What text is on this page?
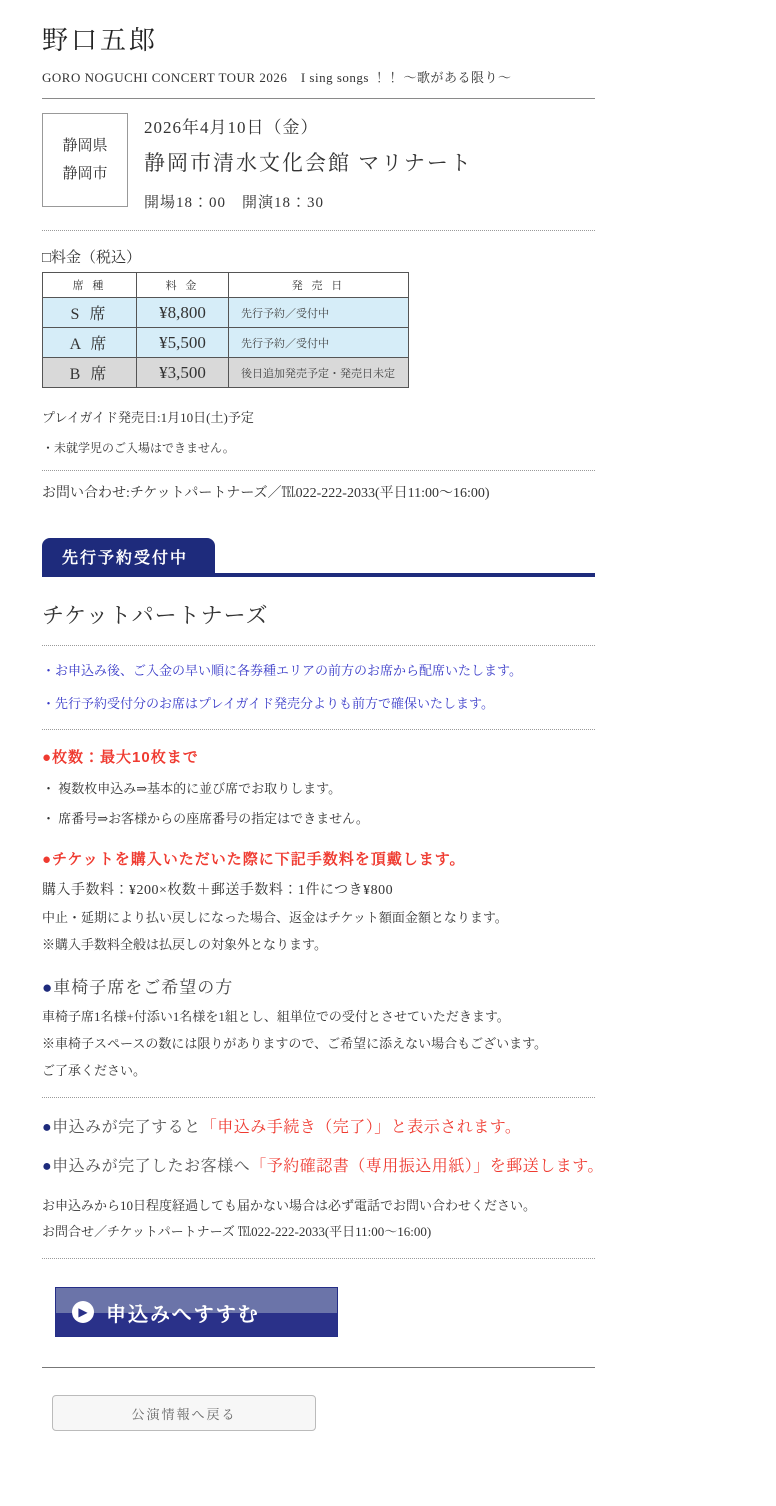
野口五郎
GORO NOGUCHI CONCERT TOUR 2026　I sing songs ！！ ～歌がある限り～
静岡県
静岡市
2026年4月10日（金）
静岡市清水文化会館 マリナート
開場18：00　開演18：30
□料金（税込）
席 種	料 金	発 売 日
S 席	¥8,800	先行予約／受付中
A 席	¥5,500	先行予約／受付中
B 席	¥3,500	後日追加発売予定・発売日未定
プレイガイド発売日:1月10日(土)予定
・未就学児のご入場はできません。
お問い合わせ:チケットパートナーズ／℡022-222-2033(平日11:00～16:00)
先行予約受付中
チケットパートナーズ
・お申込み後、ご入金の早い順に各券種エリアの前方のお席から配席いたします。
・先行予約受付分のお席はプレイガイド発売分よりも前方で確保いたします。
●枚数：最大10枚まで
・ 複数枚申込み⇒基本的に並び席でお取りします。
・ 席番号⇒お客様からの座席番号の指定はできません。
●チケットを購入いただいた際に下記手数料を頂戴します。
購入手数料：¥200×枚数＋郵送手数料：1件につき¥800
中止・延期により払い戻しになった場合、返金はチケット額面金額となります。
※購入手数料全般は払戻しの対象外となります。
●車椅子席をご希望の方
車椅子席1名様+付添い1名様を1組とし、組単位での受付とさせていただきます。
※車椅子スペースの数には限りがありますので、ご希望に添えない場合もございます。
ご了承ください。
●申込みが完了すると「申込み手続き（完了）」と表示されます。
●申込みが完了したお客様へ「予約確認書（専用振込用紙）」を郵送します。
お申込みから10日程度経過しても届かない場合は必ず電話でお問い合わせください。
お問合せ／チケットパートナーズ ℡022-222-2033(平日11:00～16:00)
▶ 申込みへすすむ
公演情報へ戻る
